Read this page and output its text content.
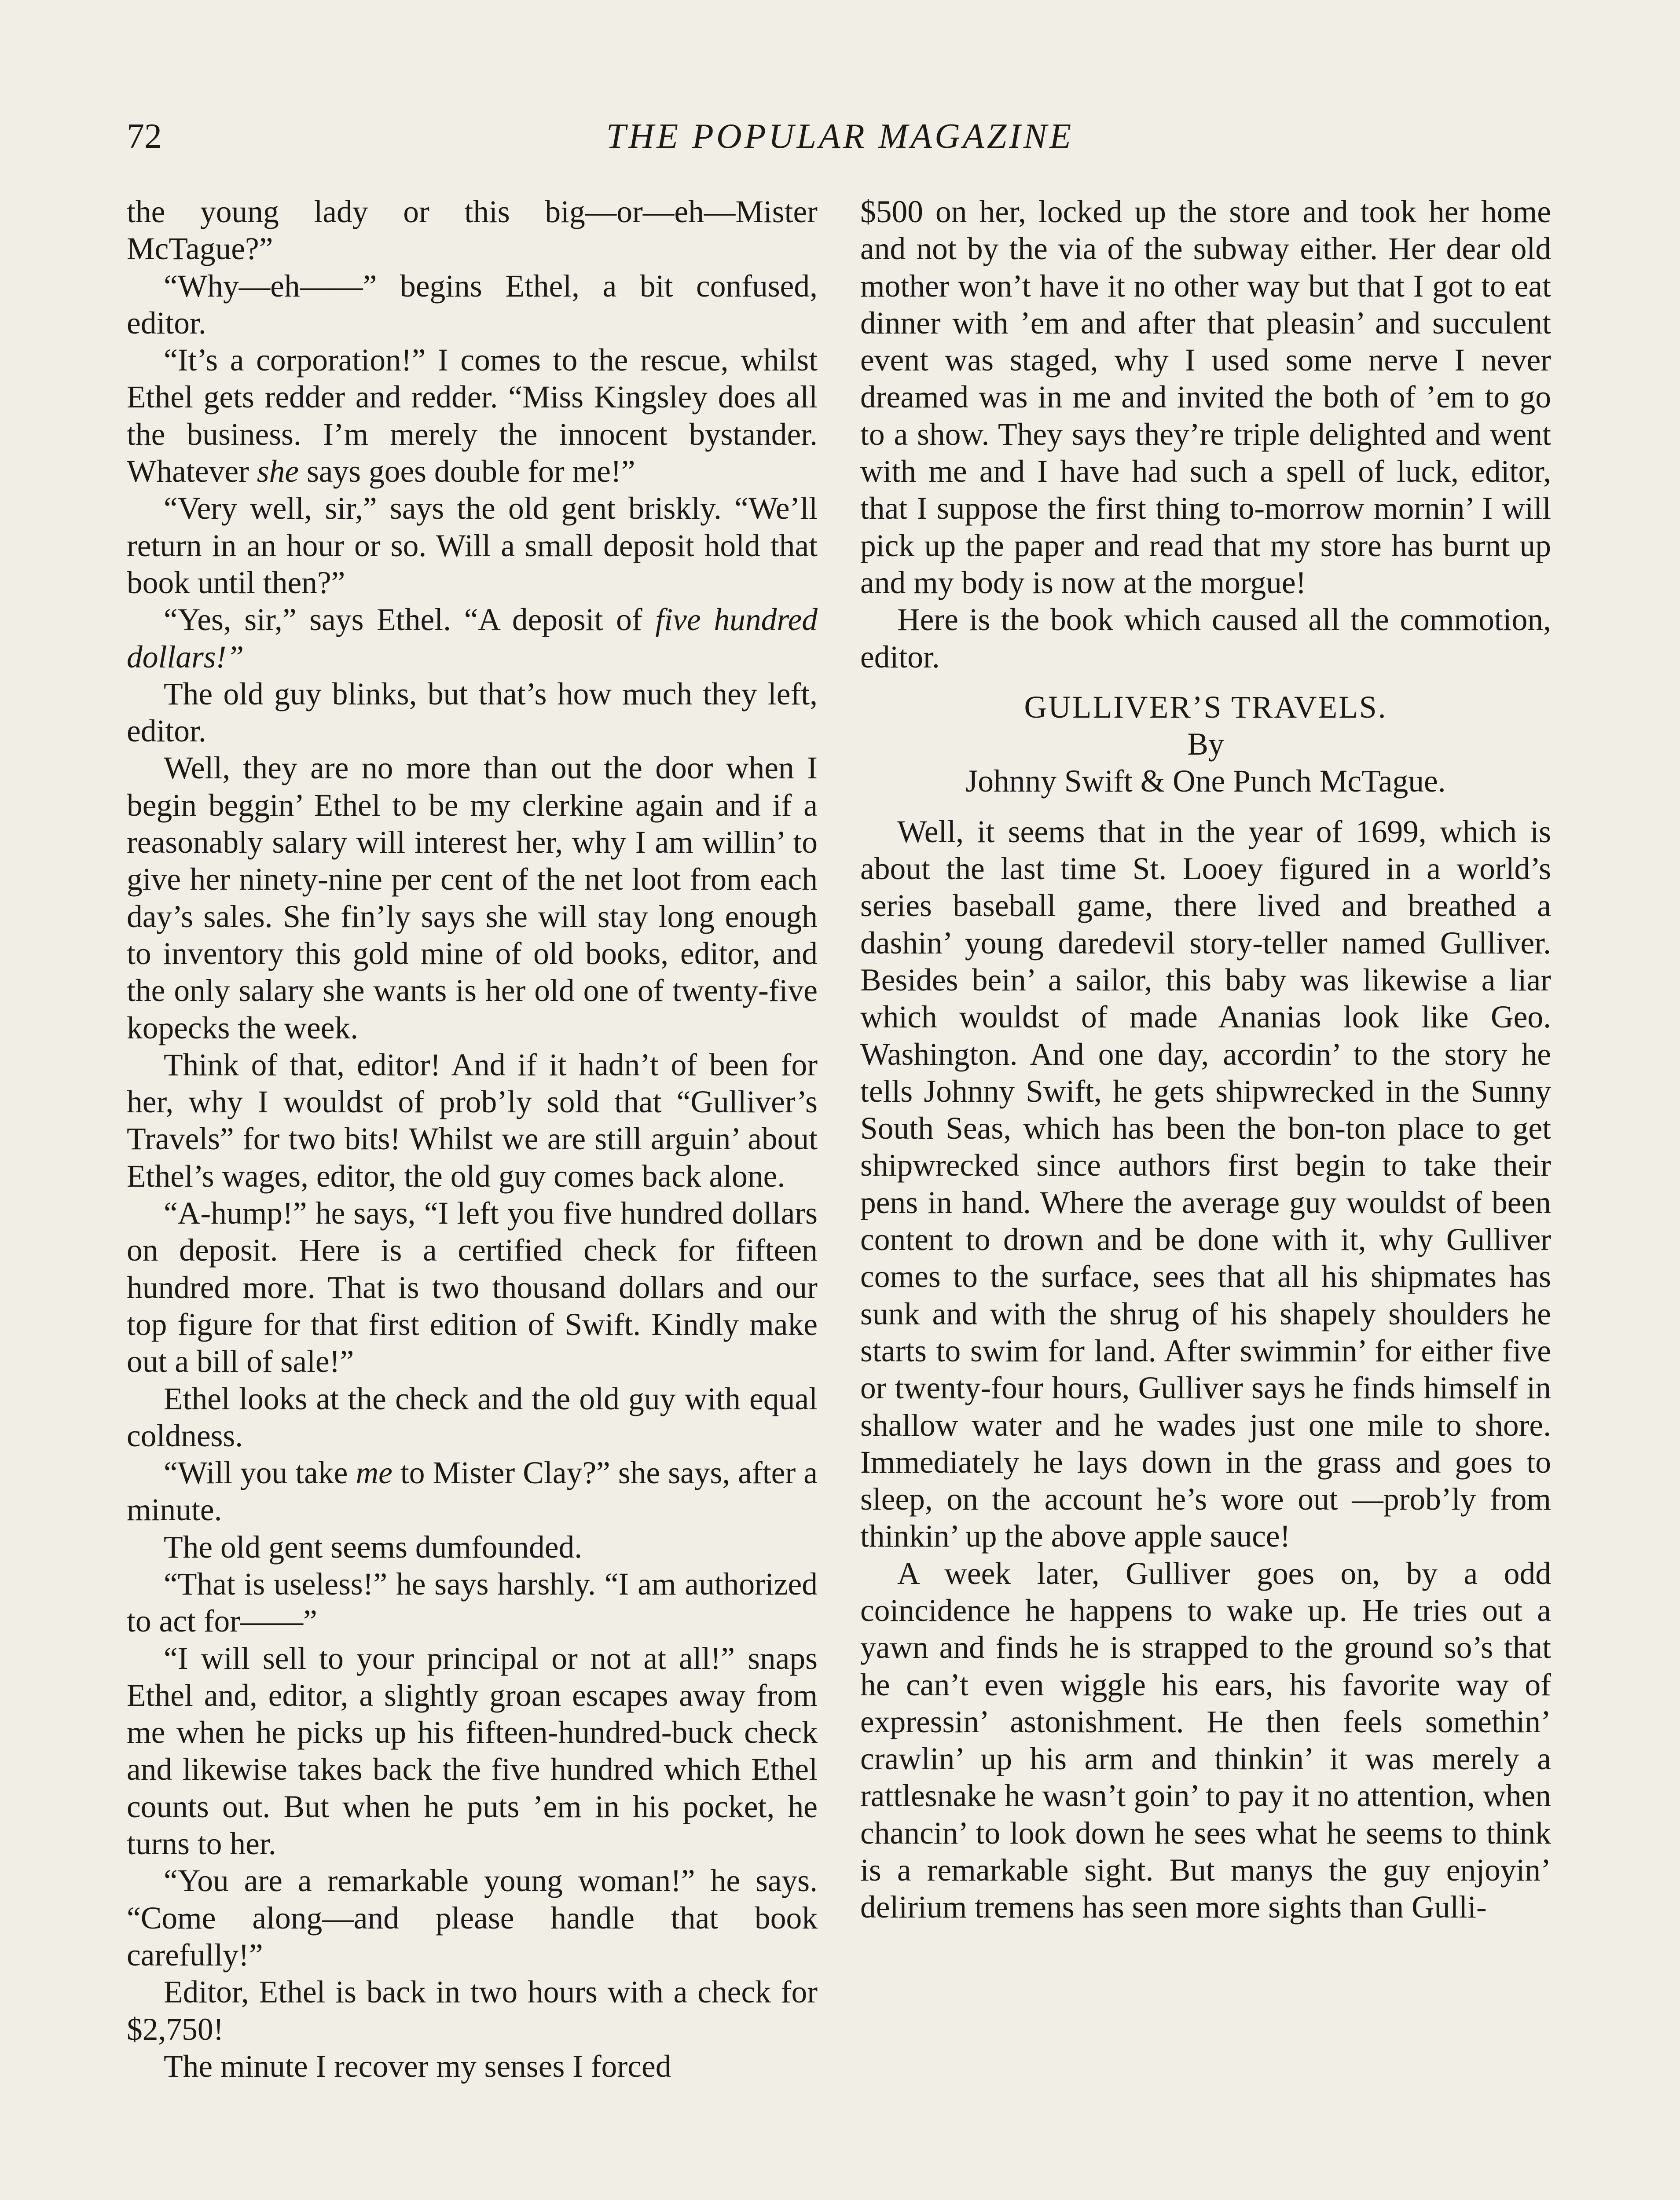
72	THE POPULAR MAGAZINE

the young lady or this big—or—eh—Mister McTague?”

“Why—eh——” begins Ethel, a bit confused, editor.

“It’s a corporation!” I comes to the rescue, whilst Ethel gets redder and redder. “Miss Kingsley does all the business. I’m merely the innocent bystander. Whatever she says goes double for me!”

“Very well, sir,” says the old gent briskly. “We’ll return in an hour or so. Will a small deposit hold that book until then?”

“Yes, sir,” says Ethel. “A deposit of five hundred dollars!”

The old guy blinks, but that’s how much they left, editor.

Well, they are no more than out the door when I begin beggin’ Ethel to be my clerkine again and if a reasonably salary will interest her, why I am willin’ to give her ninety-nine per cent of the net loot from each day’s sales. She fin’ly says she will stay long enough to inventory this gold mine of old books, editor, and the only salary she wants is her old one of twenty-five kopecks the week.

Think of that, editor! And if it hadn’t of been for her, why I wouldst of prob’ly sold that “Gulliver’s Travels” for two bits! Whilst we are still arguin’ about Ethel’s wages, editor, the old guy comes back alone.

“A-hump!” he says, “I left you five hundred dollars on deposit. Here is a certified check for fifteen hundred more. That is two thousand dollars and our top figure for that first edition of Swift. Kindly make out a bill of sale!”

Ethel looks at the check and the old guy with equal coldness.

“Will you take me to Mister Clay?” she says, after a minute.

The old gent seems dumfounded.

“That is useless!” he says harshly. “I am authorized to act for——”

“I will sell to your principal or not at all!” snaps Ethel and, editor, a slightly groan escapes away from me when he picks up his fifteen-hundred-buck check and likewise takes back the five hundred which Ethel counts out. But when he puts ’em in his pocket, he turns to her.

“You are a remarkable young woman!” he says. “Come along—and please handle that book carefully!”

Editor, Ethel is back in two hours with a check for $2,750!

The minute I recover my senses I forced

$500 on her, locked up the store and took her home and not by the via of the subway either. Her dear old mother won’t have it no other way but that I got to eat dinner with ’em and after that pleasin’ and succulent event was staged, why I used some nerve I never dreamed was in me and invited the both of ’em to go to a show. They says they’re triple delighted and went with me and I have had such a spell of luck, editor, that I suppose the first thing to-morrow mornin’ I will pick up the paper and read that my store has burnt up and my body is now at the morgue!

Here is the book which caused all the commotion, editor.

GULLIVER’S TRAVELS.
By
Johnny Swift & One Punch McTague.

Well, it seems that in the year of 1699, which is about the last time St. Looey figured in a world’s series baseball game, there lived and breathed a dashin’ young daredevil story-teller named Gulliver. Besides bein’ a sailor, this baby was likewise a liar which wouldst of made Ananias look like Geo. Washington. And one day, accordin’ to the story he tells Johnny Swift, he gets shipwrecked in the Sunny South Seas, which has been the bon-ton place to get shipwrecked since authors first begin to take their pens in hand. Where the average guy wouldst of been content to drown and be done with it, why Gulliver comes to the surface, sees that all his shipmates has sunk and with the shrug of his shapely shoulders he starts to swim for land. After swimmin’ for either five or twenty-four hours, Gulliver says he finds himself in shallow water and he wades just one mile to shore. Immediately he lays down in the grass and goes to sleep, on the account he’s wore out —prob’ly from thinkin’ up the above apple sauce!

A week later, Gulliver goes on, by a odd coincidence he happens to wake up. He tries out a yawn and finds he is strapped to the ground so’s that he can’t even wiggle his ears, his favorite way of expressin’ astonishment. He then feels somethin’ crawlin’ up his arm and thinkin’ it was merely a rattlesnake he wasn’t goin’ to pay it no attention, when chancin’ to look down he sees what he seems to think is a remarkable sight. But manys the guy enjoyin’ delirium tremens has seen more sights than Gulli-
